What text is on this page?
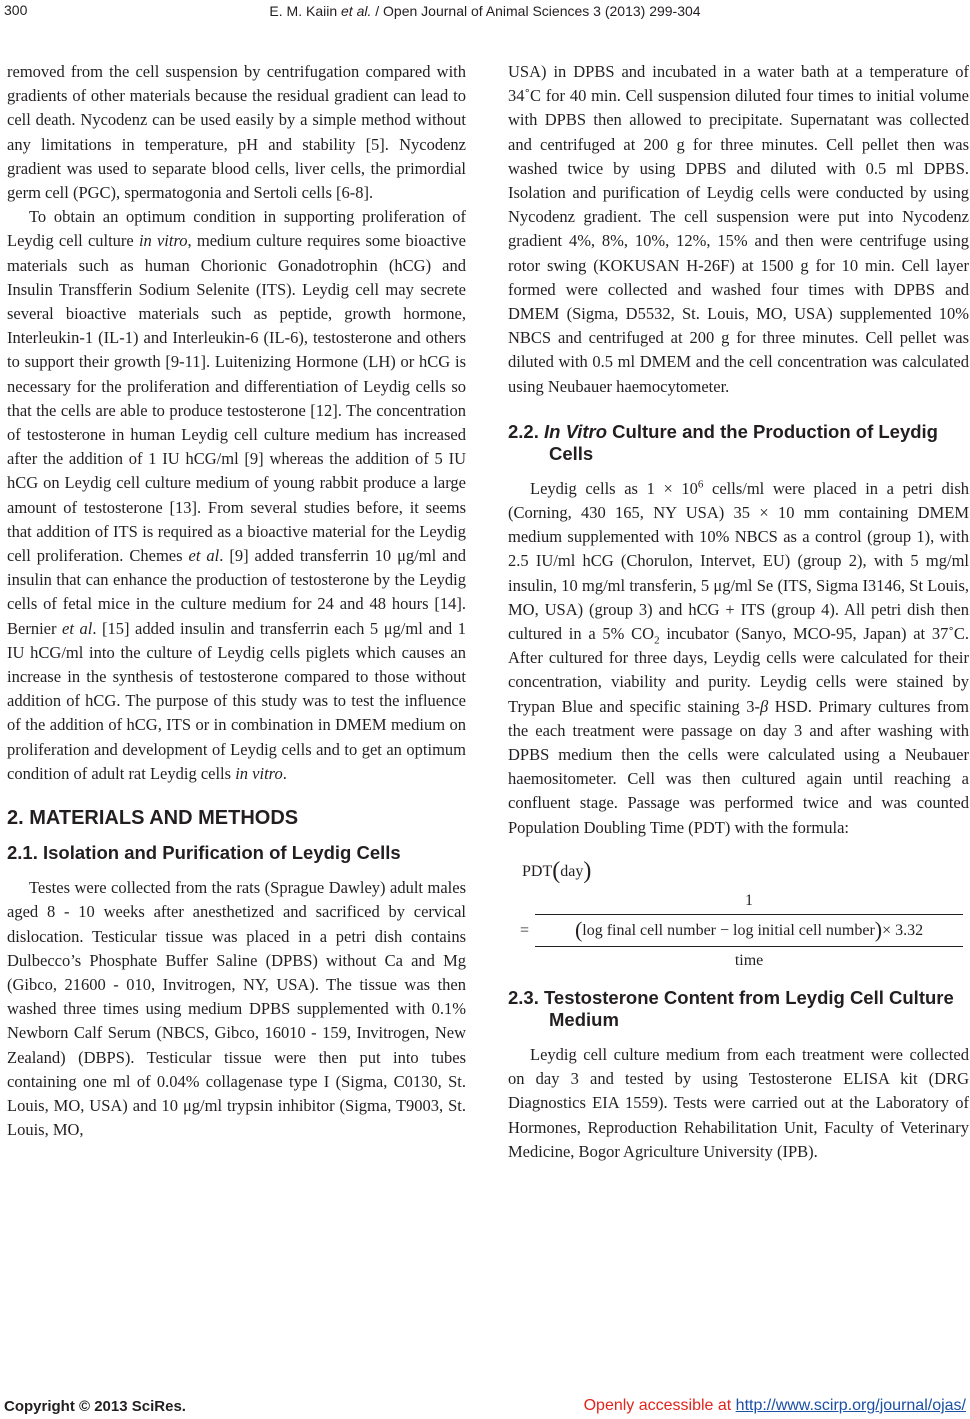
300	E. M. Kaiin et al. / Open Journal of Animal Sciences 3 (2013) 299-304

removed from the cell suspension by centrifugation compared with gradients of other materials because the residual gradient can lead to cell death. Nycodenz can be used easily by a simple method without any limitations in temperature, pH and stability [5]. Nycodenz gradient was used to separate blood cells, liver cells, the primordial germ cell (PGC), spermatogonia and Sertoli cells [6-8].

To obtain an optimum condition in supporting proliferation of Leydig cell culture in vitro, medium culture requires some bioactive materials such as human Chorionic Gonadotrophin (hCG) and Insulin Transfferin Sodium Selenite (ITS). Leydig cell may secrete several bioactive materials such as peptide, growth hormone, Interleukin-1 (IL-1) and Interleukin-6 (IL-6), testosterone and others to support their growth [9-11]. Luitenizing Hormone (LH) or hCG is necessary for the proliferation and differentiation of Leydig cells so that the cells are able to produce testosterone [12]. The concentration of testosterone in human Leydig cell culture medium has increased after the addition of 1 IU hCG/ml [9] whereas the addition of 5 IU hCG on Leydig cell culture medium of young rabbit produce a large amount of testosterone [13]. From several studies before, it seems that addition of ITS is required as a bioactive material for the Leydig cell proliferation. Chemes et al. [9] added transferrin 10 μg/ml and insulin that can enhance the production of testosterone by the Leydig cells of fetal mice in the culture medium for 24 and 48 hours [14]. Bernier et al. [15] added insulin and transferrin each 5 μg/ml and 1 IU hCG/ml into the culture of Leydig cells piglets which causes an increase in the synthesis of testosterone compared to those without addition of hCG. The purpose of this study was to test the influence of the addition of hCG, ITS or in combination in DMEM medium on proliferation and development of Leydig cells and to get an optimum condition of adult rat Leydig cells in vitro.

2. MATERIALS AND METHODS
2.1. Isolation and Purification of Leydig Cells

Testes were collected from the rats (Sprague Dawley) adult males aged 8 - 10 weeks after anesthetized and sacrificed by cervical dislocation. Testicular tissue was placed in a petri dish contains Dulbecco’s Phosphate Buffer Saline (DPBS) without Ca and Mg (Gibco, 21600 - 010, Invitrogen, NY, USA). The tissue was then washed three times using medium DPBS supplemented with 0.1% Newborn Calf Serum (NBCS, Gibco, 16010 - 159, Invitrogen, New Zealand) (DBPS). Testicular tissue were then put into tubes containing one ml of 0.04% collagenase type I (Sigma, C0130, St. Louis, MO, USA) and 10 μg/ml trypsin inhibitor (Sigma, T9003, St. Louis, MO,

USA) in DPBS and incubated in a water bath at a temperature of 34˚C for 40 min. Cell suspension diluted four times to initial volume with DPBS then allowed to precipitate. Supernatant was collected and centrifuged at 200 g for three minutes. Cell pellet then was washed twice by using DPBS and diluted with 0.5 ml DPBS. Isolation and purification of Leydig cells were conducted by using Nycodenz gradient. The cell suspension were put into Nycodenz gradient 4%, 8%, 10%, 12%, 15% and then were centrifuge using rotor swing (KOKUSAN H-26F) at 1500 g for 10 min. Cell layer formed were collected and washed four times with DPBS and DMEM (Sigma, D5532, St. Louis, MO, USA) supplemented 10% NBCS and centrifuged at 200 g for three minutes. Cell pellet was diluted with 0.5 ml DMEM and the cell concentration was calculated using Neubauer haemocytometer.

2.2. In Vitro Culture and the Production of Leydig Cells

Leydig cells as $1 \times 10^6$ cells/ml were placed in a petri dish (Corning, 430 165, NY USA) 35 × 10 mm containing DMEM medium supplemented with 10% NBCS as a control (group 1), with 2.5 IU/ml hCG (Chorulon, Intervet, EU) (group 2), with 5 mg/ml insulin, 10 mg/ml transferin, 5 μg/ml Se (ITS, Sigma I3146, St Louis, MO, USA) (group 3) and hCG + ITS (group 4). All petri dish then cultured in a 5% $CO_2$ incubator (Sanyo, MCO-95, Japan) at 37˚C. After cultured for three days, Leydig cells were calculated for their concentration, viability and purity. Leydig cells were stained by Trypan Blue and specific staining 3-β HSD. Primary cultures from the each treatment were passage on day 3 and after washing with DPBS medium then the cells were calculated using a Neubauer haemositometer. Cell was then cultured again until reaching a confluent stage. Passage was performed twice and was counted Population Doubling Time (PDT) with the formula:

PDT(day)
=
1
(log final cell number − log initial cell number)× 3.32
time
2.3. Testosterone Content from Leydig Cell Culture Medium

Leydig cell culture medium from each treatment were collected on day 3 and tested by using Testosterone ELISA kit (DRG Diagnostics EIA 1559). Tests were carried out at the Laboratory of Hormones, Reproduction Rehabilitation Unit, Faculty of Veterinary Medicine, Bogor Agriculture University (IPB).

Copyright © 2013 SciRes.	Openly accessible at http://www.scirp.org/journal/ojas/
